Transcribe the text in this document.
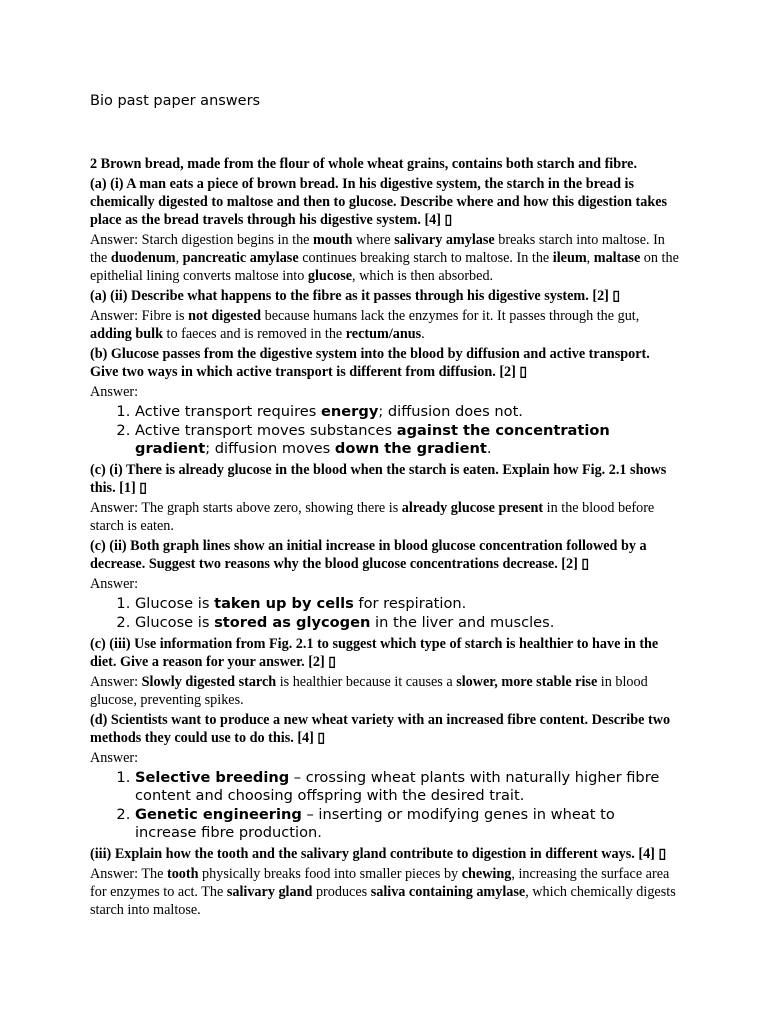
Bio past paper answers
2 Brown bread, made from the flour of whole wheat grains, contains both starch and fibre.
(a) (i) A man eats a piece of brown bread. In his digestive system, the starch in the bread is chemically digested to maltose and then to glucose. Describe where and how this digestion takes place as the bread travels through his digestive system. [4] ▯
Answer: Starch digestion begins in the mouth where salivary amylase breaks starch into maltose. In the duodenum, pancreatic amylase continues breaking starch to maltose. In the ileum, maltase on the epithelial lining converts maltose into glucose, which is then absorbed.
(a) (ii) Describe what happens to the fibre as it passes through his digestive system. [2] ▯
Answer: Fibre is not digested because humans lack the enzymes for it. It passes through the gut, adding bulk to faeces and is removed in the rectum/anus.
(b) Glucose passes from the digestive system into the blood by diffusion and active transport. Give two ways in which active transport is different from diffusion. [2] ▯
Answer:
1. Active transport requires energy; diffusion does not.
2. Active transport moves substances against the concentration gradient; diffusion moves down the gradient.
(c) (i) There is already glucose in the blood when the starch is eaten. Explain how Fig. 2.1 shows this. [1] ▯
Answer: The graph starts above zero, showing there is already glucose present in the blood before starch is eaten.
(c) (ii) Both graph lines show an initial increase in blood glucose concentration followed by a decrease. Suggest two reasons why the blood glucose concentrations decrease. [2] ▯
Answer:
1. Glucose is taken up by cells for respiration.
2. Glucose is stored as glycogen in the liver and muscles.
(c) (iii) Use information from Fig. 2.1 to suggest which type of starch is healthier to have in the diet. Give a reason for your answer. [2] ▯
Answer: Slowly digested starch is healthier because it causes a slower, more stable rise in blood glucose, preventing spikes.
(d) Scientists want to produce a new wheat variety with an increased fibre content. Describe two methods they could use to do this. [4] ▯
Answer:
1. Selective breeding – crossing wheat plants with naturally higher fibre content and choosing offspring with the desired trait.
2. Genetic engineering – inserting or modifying genes in wheat to increase fibre production.
(iii) Explain how the tooth and the salivary gland contribute to digestion in different ways. [4] ▯
Answer: The tooth physically breaks food into smaller pieces by chewing, increasing the surface area for enzymes to act. The salivary gland produces saliva containing amylase, which chemically digests starch into maltose.
